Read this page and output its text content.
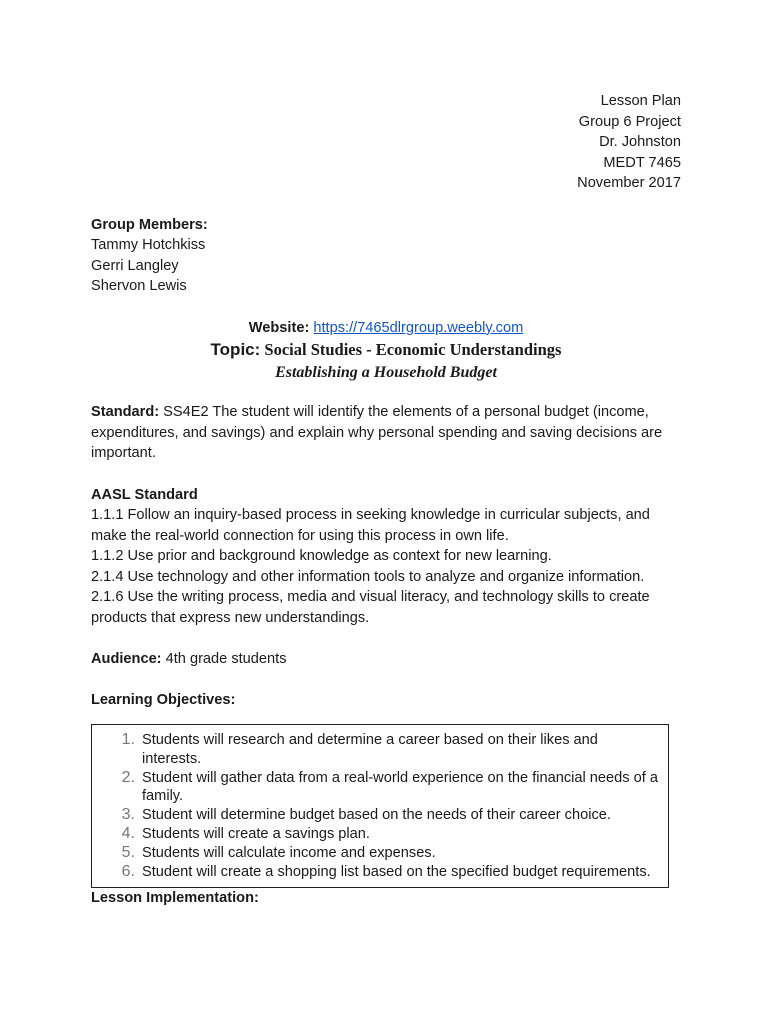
Lesson Plan
Group 6 Project
Dr. Johnston
MEDT 7465
November 2017
Group Members:
Tammy Hotchkiss
Gerri Langley
Shervon Lewis
Website: https://7465dlrgroup.weebly.com
Topic: Social Studies - Economic Understandings
Establishing a Household Budget

Standard: SS4E2 The student will identify the elements of a personal budget (income, expenditures, and savings) and explain why personal spending and saving decisions are important.

AASL Standard
1.1.1 Follow an inquiry-based process in seeking knowledge in curricular subjects, and make the real-world connection for using this process in own life.
1.1.2 Use prior and background knowledge as context for new learning.
2.1.4 Use technology and other information tools to analyze and organize information.
2.1.6 Use the writing process, media and visual literacy, and technology skills to create products that express new understandings.

Audience: 4th grade students

Learning Objectives:
1. Students will research and determine a career based on their likes and interests.
2. Student will gather data from a real-world experience on the financial needs of a family.
3. Student will determine budget based on the needs of their career choice.
4. Students will create a savings plan.
5. Students will calculate income and expenses.
6. Student will create a shopping list based on the specified budget requirements.
Lesson Implementation:
